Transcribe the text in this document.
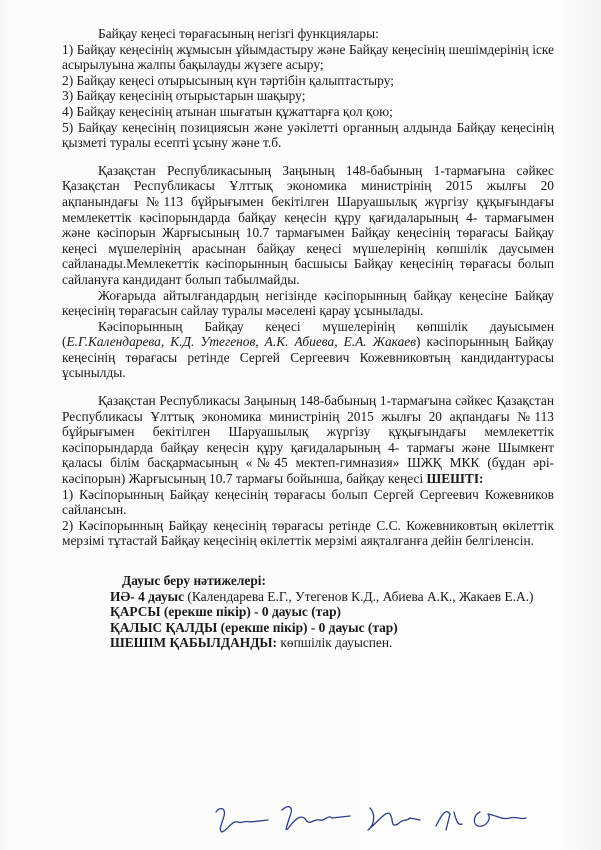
Байқау кеңесі төрағасының негізгі функциялары:

1) Байқау кеңесінің жұмысын ұйымдастыру және Байқау кеңесінің шешімдерінің іске асырылуына жалпы бақылауды жүзеге асыру;

2) Байқау кеңесі отырысының күн тәртібін қалыптастыру;

3) Байқау кеңесінің отырыстарын шақыру;

4) Байқау кеңесінің атынан шығатын құжаттарға қол қою;

5) Байқау кеңесінің позициясын және уәкілетті органның алдында Байқау кеңесінің қызметі туралы есепті ұсыну және т.б.

Қазақстан Республикасының Заңының 148-бабының 1-тармағына сәйкес Қазақстан Республикасы Ұлттық экономика министрінің 2015 жылғы 20 ақпанындағы №113 бұйрығымен бекітілген Шаруашылық жүргізу құқығындағы мемлекеттік кәсіпорындарда байқау кеңесін құру қағидаларының 4- тармағымен және кәсіпорын Жарғысының 10.7 тармағымен Байқау кеңесінің төрағасы Байқау кеңесі мүшелерінің арасынан байқау кеңесі мүшелерінің көпшілік даусымен сайланады.Мемлекеттік кәсіпорынның басшысы Байқау кеңесінің төрағасы болып сайлануға кандидант болып табылмайды.

Жоғарыда айтылғандардың негізінде кәсіпорынның байқау кеңесіне Байқау кеңесінің төрағасын сайлау туралы мәселені қарау ұсынылады.

Кәсіпорынның Байқау кеңесі мүшелерінің көпшілік дауысымен (Е.Г.Календарева, К.Д. Утегенов, А.К. Абиева, Е.А. Жакаев) кәсіпорынның Байқау кеңесінің төрағасы ретінде Сергей Сергеевич Кожевниковтың кандидантурасы ұсынылды.

Қазақстан Республикасы Заңының 148-бабының 1-тармағына сәйкес Қазақстан Республикасы Ұлттық экономика министрінің 2015 жылғы 20 ақпандағы №113 бұйрығымен бекітілген Шаруашылық жүргізу құқығындағы мемлекеттік кәсіпорындарда байқау кеңесін құру қағидаларының 4- тармағы және Шымкент қаласы білім басқармасының «№45 мектеп-гимназия» ШЖҚ МКК (бұдан әрі- кәсіпорын) Жарғысының 10.7 тармағы бойынша, байқау кеңесі ШЕШТІ:

1) Кәсіпорынның Байқау кеңесінің төрағасы болып Сергей Сергеевич Кожевников сайлансын.

2) Кәсіпорынның Байқау кеңесінің төрағасы ретінде С.С. Кожевниковтың өкілеттік мерзімі тұтастай Байқау кеңесінің өкілеттік мерзімі аяқталғанға дейін белгіленсін.

Дауыс беру нәтижелері:

ИӘ- 4 дауыс (Календарева Е.Г., Утегенов К.Д., Абиева А.К., Жакаев Е.А.)

ҚАРСЫ (ерекше пікір) - 0 дауыс (тар)

ҚАЛЫС ҚАЛДЫ (ерекше пікір) - 0 дауыс (тар)

ШЕШІМ ҚАБЫЛДАНДЫ: көпшілік дауыспен.
